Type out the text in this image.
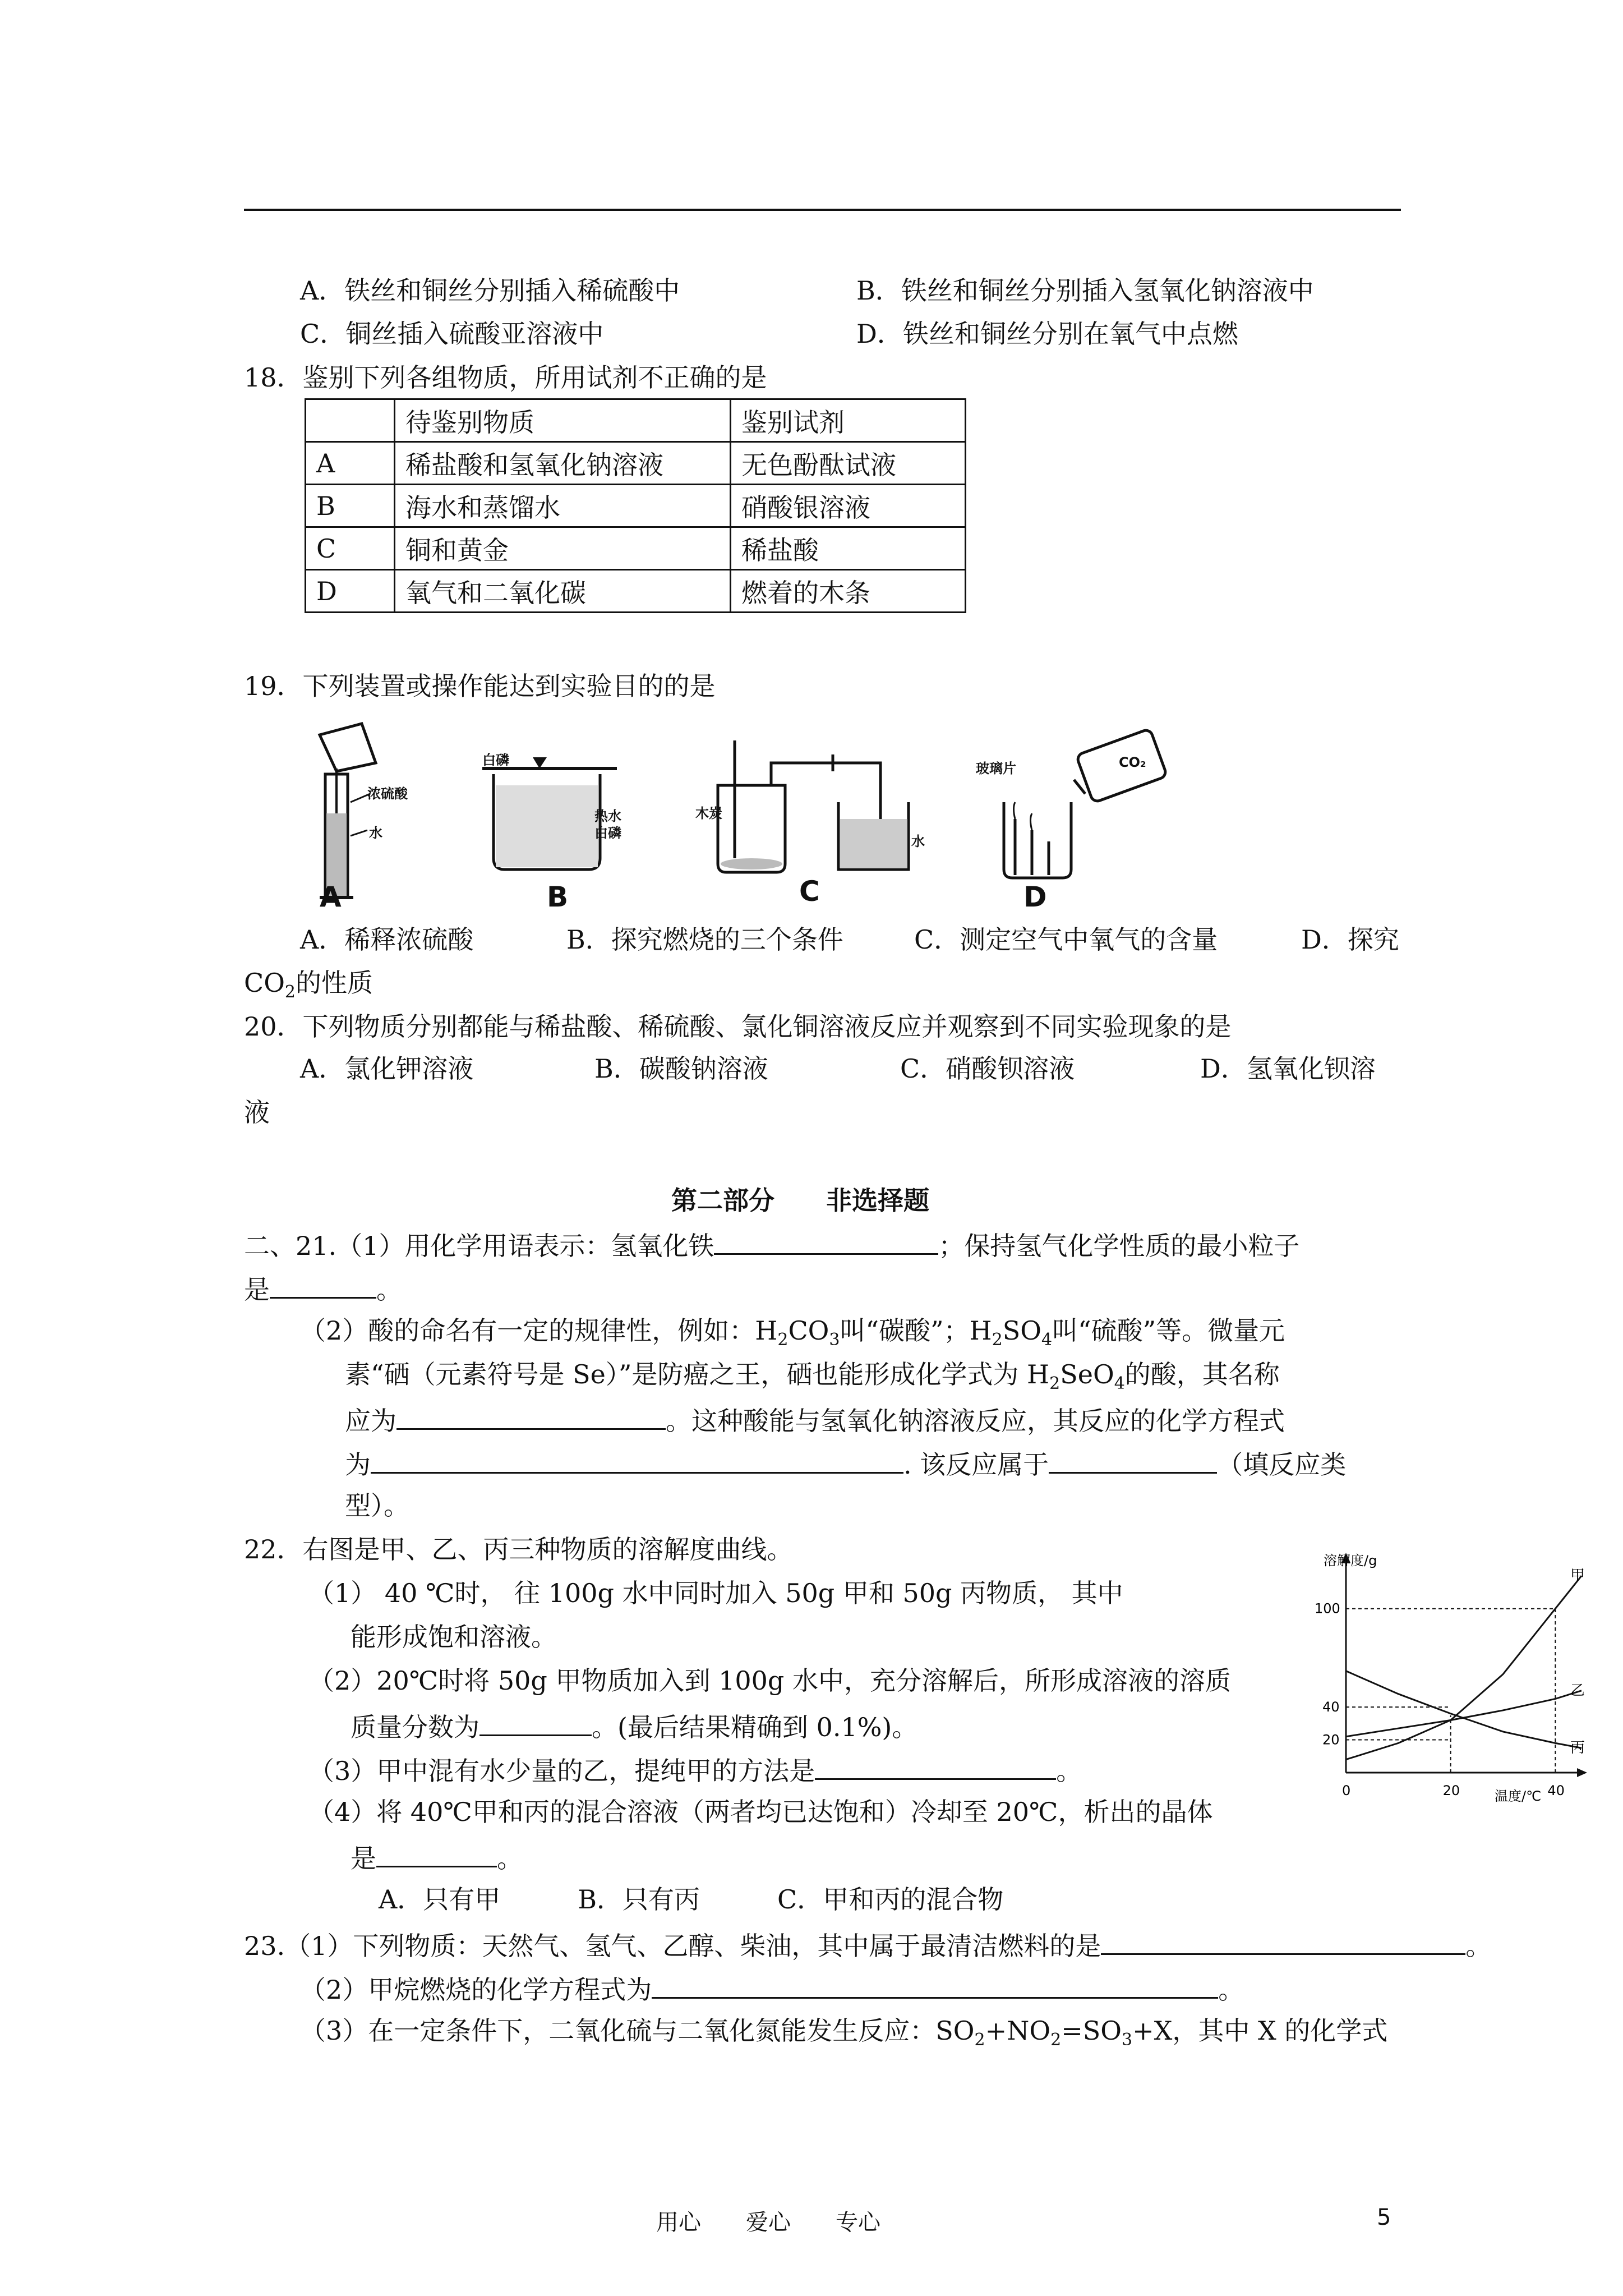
A．铁丝和铜丝分别插入稀硫酸中	B．铁丝和铜丝分别插入氢氧化钠溶液中
C．铜丝插入硫酸亚溶液中	D．铁丝和铜丝分别在氧气中点燃
18．鉴别下列各组物质，所用试剂不正确的是
	待鉴别物质	鉴别试剂
A	稀盐酸和氢氧化钠溶液	无色酚酞试液
B	海水和蒸馏水	硝酸银溶液
C	铜和黄金	稀盐酸
D	氧气和二氧化碳	燃着的木条
19．下列装置或操作能达到实验目的的是
浓硫酸
水
A
白磷
热水
白磷
B
木炭
水
C
玻璃片	CO₂
D
A．稀释浓硫酸	B．探究燃烧的三个条件	C．测定空气中氧气的含量	D．探究
$CO_2$的性质
20．下列物质分别都能与稀盐酸、稀硫酸、氯化铜溶液反应并观察到不同实验现象的是
A．氯化钾溶液	B．碳酸钠溶液	C．硝酸钡溶液	D．氢氧化钡溶
液
第二部分　　非选择题
二、21.（1）用化学用语表示：氢氧化铁	；保持氢气化学性质的最小粒子
是	。
（2）酸的命名有一定的规律性，例如：$H_2CO_3$叫“碳酸”；$H_2SO_4$叫“硫酸”等。微量元
素“硒（元素符号是 Se）”是防癌之王，硒也能形成化学式为 $H_2SeO_4$的酸，其名称
应为	。这种酸能与氢氧化钠溶液反应，其反应的化学方程式
为	. 该反应属于	（填反应类
型）。
22．右图是甲、乙、丙三种物质的溶解度曲线。
（1） 40 ℃时， 往 100g 水中同时加入 50g 甲和 50g 丙物质， 其中
能形成饱和溶液。
（2）20℃时将 50g 甲物质加入到 100g 水中，充分溶解后，所形成溶液的溶质
质量分数为	。(最后结果精确到 0.1%)。
（3）甲中混有水少量的乙，提纯甲的方法是	。
（4）将 40℃甲和丙的混合溶液（两者均已达饱和）冷却至 20℃，析出的晶体
是	。
A．只有甲　　　B．只有丙　　　C．甲和丙的混合物
溶解度/g
温度/℃
甲
乙
丙
0	20	40
20
40
100
23.（1）下列物质：天然气、氢气、乙醇、柴油，其中属于最清洁燃料的是	。
（2）甲烷燃烧的化学方程式为	。
（3）在一定条件下，二氧化硫与二氧化氮能发生反应：$SO_2+NO_2=SO_3+X$，其中 X 的化学式
用心　　爱心　　专心	5
